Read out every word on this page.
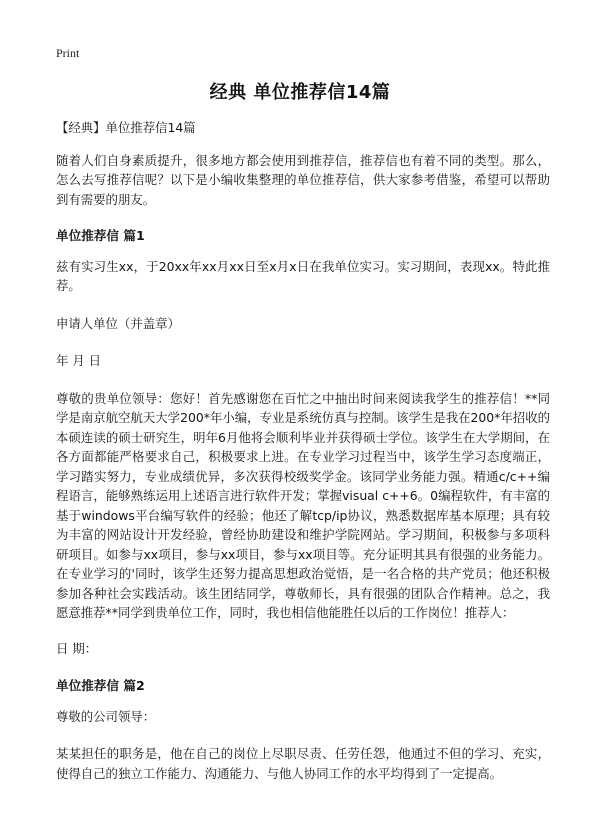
Print
经典 单位推荐信14篇

【经典】单位推荐信14篇

随着人们自身素质提升，很多地方都会使用到推荐信，推荐信也有着不同的类型。那么，怎么去写推荐信呢？以下是小编收集整理的单位推荐信，供大家参考借鉴，希望可以帮助到有需要的朋友。

单位推荐信 篇1

兹有实习生xx，于20xx年xx月xx日至x月x日在我单位实习。实习期间，表现xx。特此推荐。

申请人单位（并盖章）

年 月 日

尊敬的贵单位领导：您好！首先感谢您在百忙之中抽出时间来阅读我学生的推荐信！**同学是南京航空航天大学200*年小编，专业是系统仿真与控制。该学生是我在200*年招收的本硕连读的硕士研究生，明年6月他将会顺利毕业并获得硕士学位。该学生在大学期间，在各方面都能严格要求自己，积极要求上进。在专业学习过程当中，该学生学习态度端正，学习踏实努力，专业成绩优异，多次获得校级奖学金。该同学业务能力强。精通c/c++编程语言，能够熟练运用上述语言进行软件开发；掌握visual c++6。0编程软件，有丰富的基于windows平台编写软件的经验；他还了解tcp/ip协议，熟悉数据库基本原理；具有较为丰富的网站设计开发经验，曾经协助建设和维护学院网站。学习期间，积极参与多项科研项目。如参与xx项目，参与xx项目，参与xx项目等。充分证明其具有很强的业务能力。在专业学习的'同时，该学生还努力提高思想政治觉悟，是一名合格的共产党员；他还积极参加各种社会实践活动。该生团结同学，尊敬师长，具有很强的团队合作精神。总之，我愿意推荐**同学到贵单位工作，同时，我也相信他能胜任以后的工作岗位！推荐人：

日 期：

单位推荐信 篇2

尊敬的公司领导：

某某担任的职务是，他在自己的岗位上尽职尽责、任劳任怨，他通过不但的学习、充实，使得自己的独立工作能力、沟通能力、与他人协同工作的水平均得到了一定提高。
